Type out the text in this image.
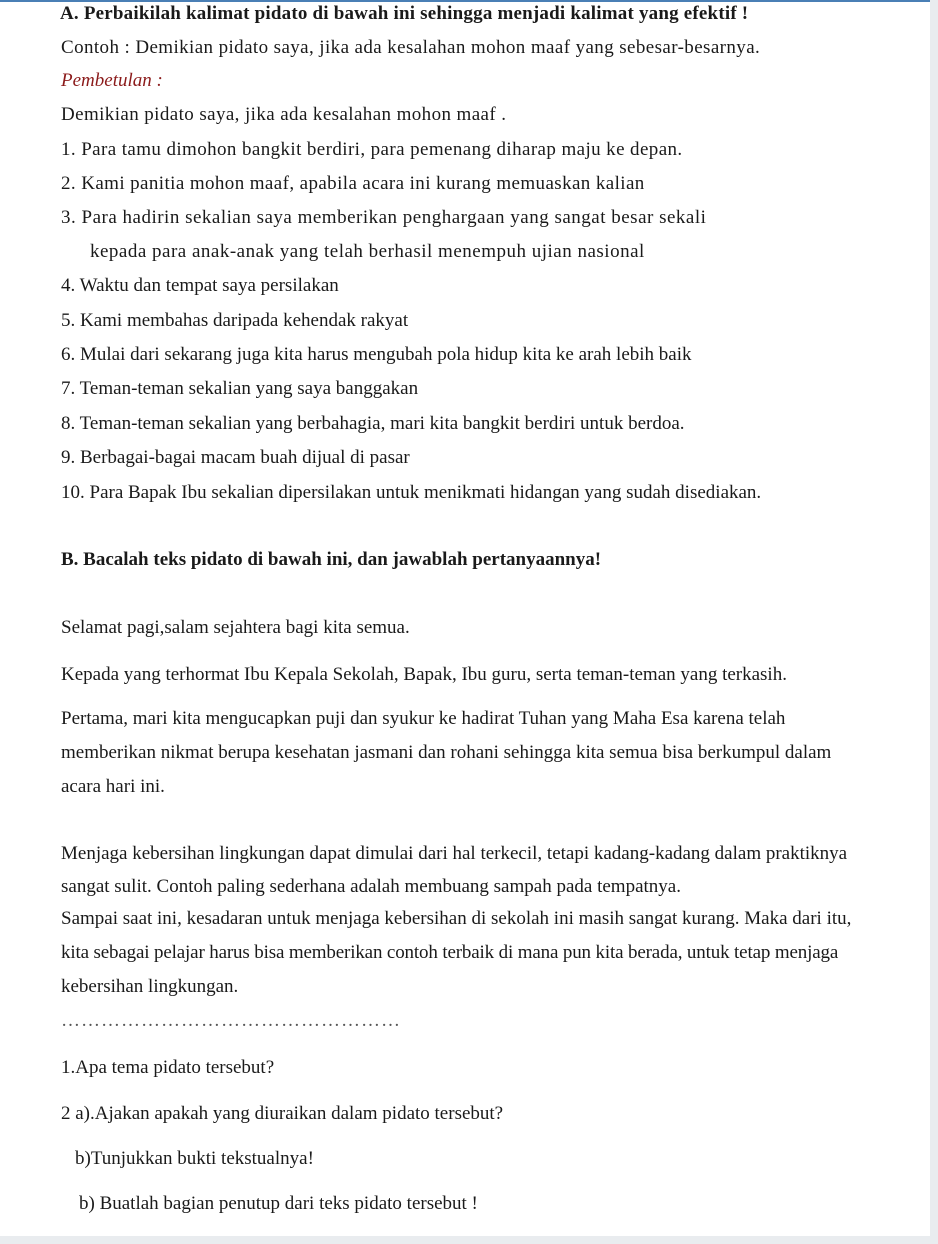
A. Perbaikilah kalimat pidato di bawah ini sehingga menjadi kalimat yang efektif !
Contoh : Demikian pidato saya, jika ada kesalahan mohon maaf yang sebesar-besarnya.
Pembetulan :
Demikian pidato saya, jika ada kesalahan mohon maaf .
1. Para tamu dimohon bangkit berdiri, para pemenang diharap maju ke depan.
2. Kami panitia mohon maaf, apabila acara ini kurang memuaskan kalian
3. Para hadirin sekalian saya memberikan penghargaan yang sangat besar sekali
kepada para anak-anak yang telah berhasil menempuh ujian nasional
4. Waktu dan tempat saya persilakan
5. Kami membahas daripada kehendak rakyat
6. Mulai dari sekarang juga kita harus mengubah pola hidup kita ke arah lebih baik
7. Teman-teman sekalian yang saya banggakan
8. Teman-teman sekalian yang berbahagia, mari kita bangkit berdiri untuk berdoa.
9. Berbagai-bagai macam buah dijual di pasar
10. Para Bapak Ibu sekalian dipersilakan untuk menikmati hidangan yang sudah disediakan.
B. Bacalah teks pidato di bawah ini, dan jawablah pertanyaannya!
Selamat pagi,salam sejahtera bagi kita semua.
Kepada yang terhormat Ibu Kepala Sekolah, Bapak, Ibu guru, serta teman-teman yang terkasih.
Pertama, mari kita mengucapkan puji dan syukur ke hadirat Tuhan yang Maha Esa karena telah
memberikan nikmat berupa kesehatan jasmani dan rohani sehingga kita semua bisa berkumpul dalam
acara hari ini.
Menjaga kebersihan lingkungan dapat dimulai dari hal terkecil, tetapi kadang-kadang dalam praktiknya
sangat sulit. Contoh paling sederhana adalah membuang sampah pada tempatnya.
Sampai saat ini, kesadaran untuk menjaga kebersihan di sekolah ini masih sangat kurang. Maka dari itu,
kita sebagai pelajar harus bisa memberikan contoh terbaik di mana pun kita berada, untuk tetap menjaga
kebersihan lingkungan.
……………………………………………
1.Apa tema pidato tersebut?
2 a).Ajakan apakah yang diuraikan dalam pidato tersebut?
b)Tunjukkan bukti tekstualnya!
b) Buatlah bagian penutup dari teks pidato tersebut !
